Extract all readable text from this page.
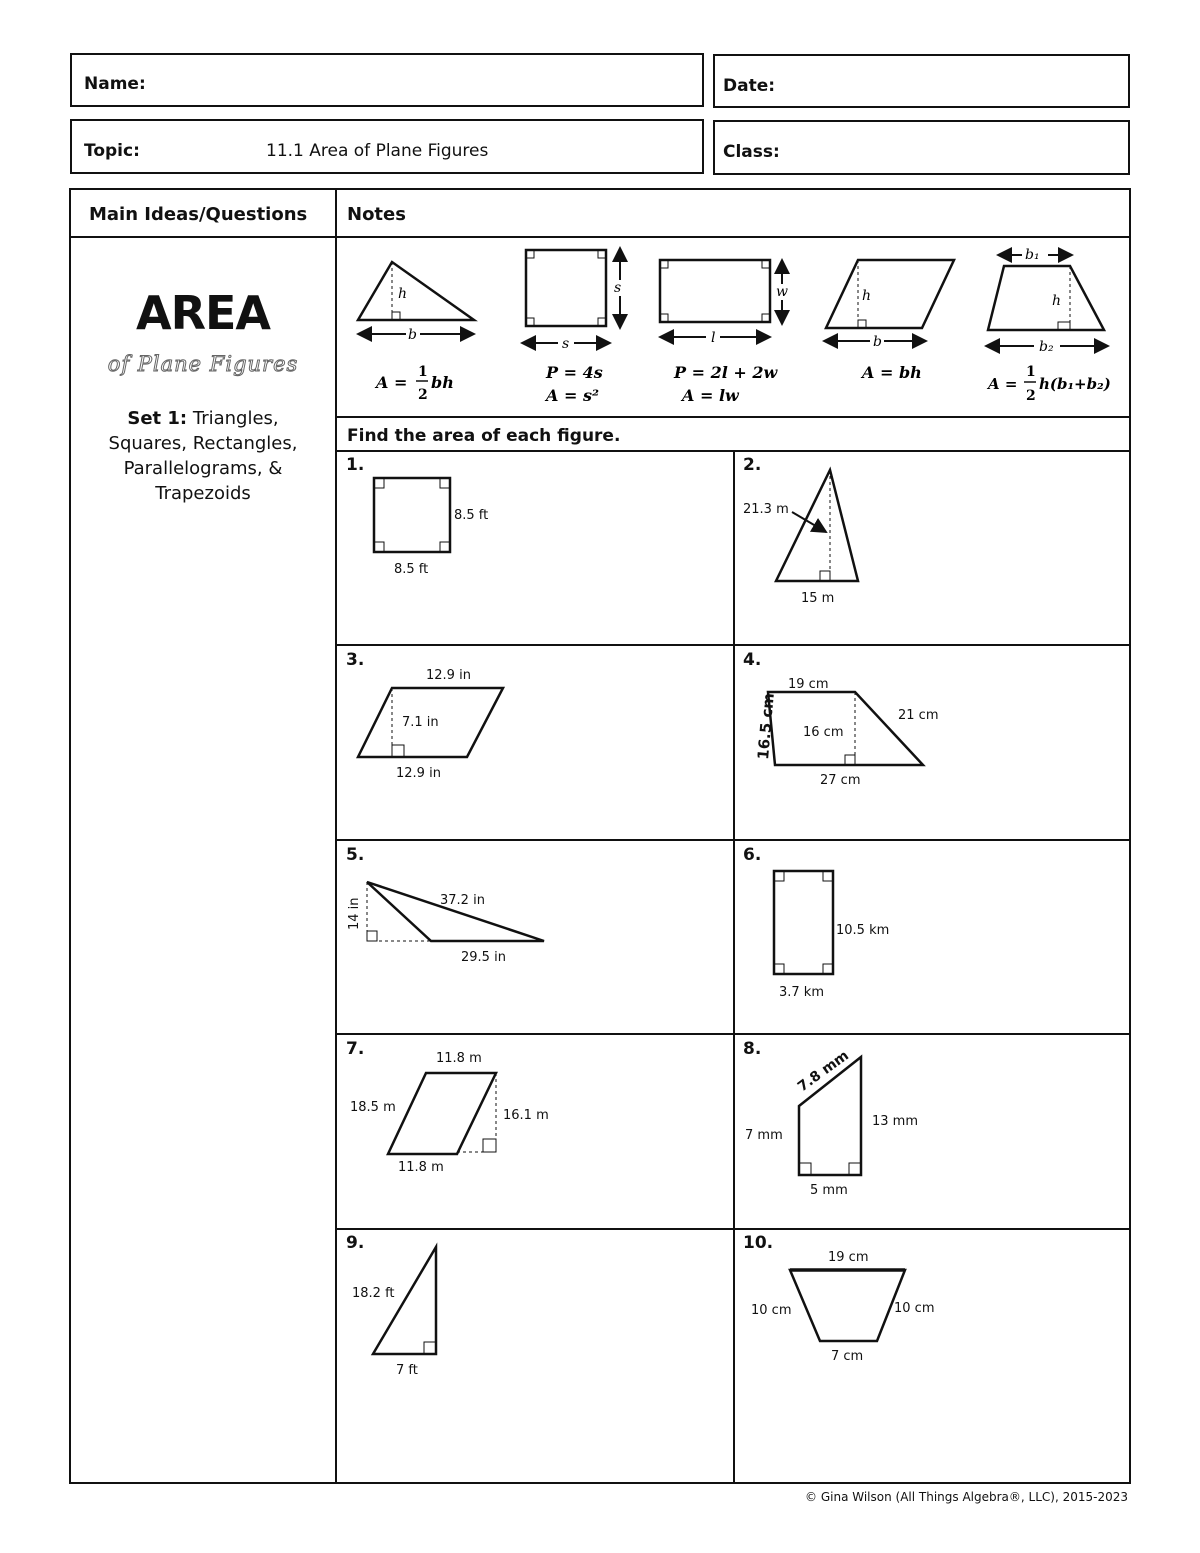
Name:	Date:
Topic:	11.1 Area of Plane Figures	Class:
Main Ideas/Questions Notes
Find the area of each figure.
AREA
of Plane Figures
Set 1: Triangles, Squares, Rectangles, Parallelograms, & Trapezoids
h
b
A =
1
2
bh
s
s
P = 4s
A = s²
w
l
P = 2l + 2w
A = lw
h
b
A = bh
b₁
h
b₂
A =
1
2
h(b₁+b₂)
1.	2.
3.	4.
5.	6.
7.	8.
9.	10.
8.5 ft
8.5 ft
21.3 m
15 m
12.9 in
7.1 in
12.9 in
19 cm
16.5 cm 16 cm
21 cm
27 cm
14 in	37.2 in
29.5 in
10.5 km
3.7 km
11.8 m
18.5 m
16.1 m
11.8 m
7.8 mm
7 mm
13 mm
5 mm
18.2 ft
7 ft
19 cm
10 cm	10 cm
7 cm
© Gina Wilson (All Things Algebra®, LLC), 2015-2023
